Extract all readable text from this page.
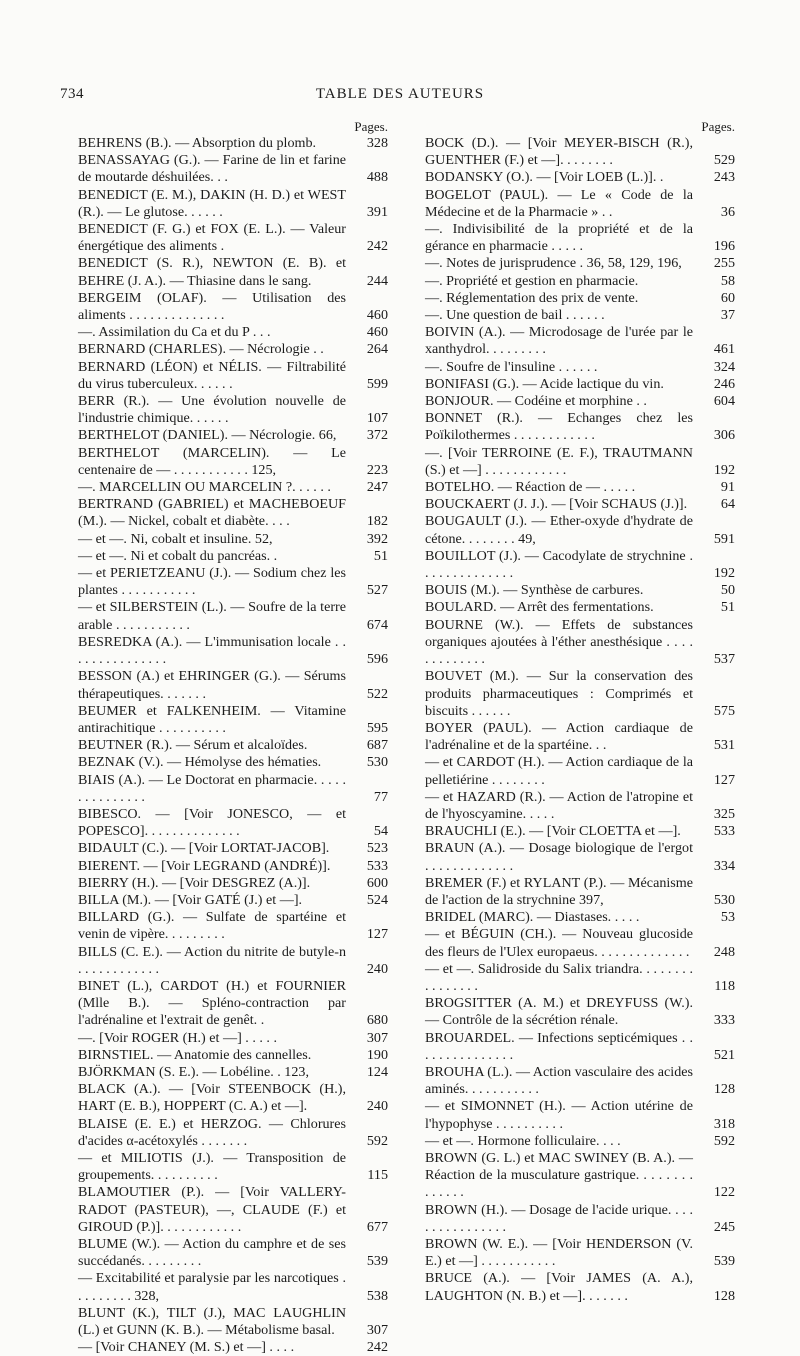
734	TABLE DES AUTEURS
Pages.
BEHRENS (B.). — Absorption du plomb.	328
BENASSAYAG (G.). — Farine de lin et farine de moutarde déshuilées. . .	488
BENEDICT (E. M.), DAKIN (H. D.) et WEST (R.). — Le glutose. . . . . .	391
BENEDICT (F. G.) et FOX (E. L.). — Valeur énergétique des aliments .	242
BENEDICT (S. R.), NEWTON (E. B). et BEHRE (J. A.). — Thiasine dans le sang.	244
BERGEIM (OLAF). — Utilisation des aliments . . . . . . . . . . . . . .	460
—. Assimilation du Ca et du P . . .	460
BERNARD (CHARLES). — Nécrologie . .	264
BERNARD (LÉON) et NÉLIS. — Filtrabilité du virus tuberculeux. . . . . .	599
BERR (R.). — Une évolution nouvelle de l'industrie chimique. . . . . .	107
BERTHELOT (DANIEL). — Nécrologie. 66,	372
BERTHELOT (MARCELIN). — Le centenaire de — . . . . . . . . . . . 125,	223
—. MARCELLIN OU MARCELIN ?. . . . . .	247
BERTRAND (GABRIEL) et MACHEBOEUF (M.). — Nickel, cobalt et diabète. . . .	182
— et —. Ni, cobalt et insuline. 52,	392
— et —. Ni et cobalt du pancréas. .	51
— et PERIETZEANU (J.). — Sodium chez les plantes . . . . . . . . . . .	527
— et SILBERSTEIN (L.). — Soufre de la terre arable . . . . . . . . . . .	674
BESREDKA (A.). — L'immunisation locale . . . . . . . . . . . . . . .	596
BESSON (A.) et EHRINGER (G.). — Sérums thérapeutiques. . . . . . .	522
BEUMER et FALKENHEIM. — Vitamine antirachitique . . . . . . . . . .	595
BEUTNER (R.). — Sérum et alcaloïdes.	687
BEZNAK (V.). — Hémolyse des hématies.	530
BIAIS (A.). — Le Doctorat en pharmacie. . . . . . . . . . . . . . .	77
BIBESCO. — [Voir JONESCO, — et POPESCO]. . . . . . . . . . . . . .	54
BIDAULT (C.). — [Voir LORTAT-JACOB].	523
BIERENT. — [Voir LEGRAND (ANDRÉ)].	533
BIERRY (H.). — [Voir DESGREZ (A.)].	600
BILLA (M.). — [Voir GATÉ (J.) et —].	524
BILLARD (G.). — Sulfate de spartéine et venin de vipère. . . . . . . . .	127
BILLS (C. E.). — Action du nitrite de butyle-n . . . . . . . . . . . .	240
BINET (L.), CARDOT (H.) et FOURNIER (Mlle B.). — Spléno-contraction par l'adrénaline et l'extrait de genêt. .	680
—. [Voir ROGER (H.) et —] . . . . .	307
BIRNSTIEL. — Anatomie des cannelles.	190
BJÖRKMAN (S. E.). — Lobéline. . 123,	124
BLACK (A.). — [Voir STEENBOCK (H.), HART (E. B.), HOPPERT (C. A.) et —].	240
BLAISE (E. E.) et HERZOG. — Chlorures d'acides α-acétoxylés . . . . . . .	592
— et MILIOTIS (J.). — Transposition de groupements. . . . . . . . . .	115
BLAMOUTIER (P.). — [Voir VALLERY-RADOT (PASTEUR), —, CLAUDE (F.) et GIROUD (P.)]. . . . . . . . . . . .	677
BLUME (W.). — Action du camphre et de ses succédanés. . . . . . . . .	539
— Excitabilité et paralysie par les narcotiques . . . . . . . . . 328,	538
BLUNT (K.), TILT (J.), MAC LAUGHLIN (L.) et GUNN (K. B.). — Métabolisme basal.	307
— [Voir CHANEY (M. S.) et —] . . . .	242
Pages.
BOCK (D.). — [Voir MEYER-BISCH (R.), GUENTHER (F.) et —]. . . . . . . .	529
BODANSKY (O.). — [Voir LOEB (L.)]. .	243
BOGELOT (PAUL). — Le « Code de la Médecine et de la Pharmacie » . .	36
—. Indivisibilité de la propriété et de la gérance en pharmacie . . . . .	196
—. Notes de jurisprudence . 36, 58, 129, 196,	255
—. Propriété et gestion en pharmacie.	58
—. Réglementation des prix de vente.	60
—. Une question de bail . . . . . .	37
BOIVIN (A.). — Microdosage de l'urée par le xanthydrol. . . . . . . . .	461
—. Soufre de l'insuline . . . . . .	324
BONIFASI (G.). — Acide lactique du vin.	246
BONJOUR. — Codéine et morphine . .	604
BONNET (R.). — Echanges chez les Poïkilothermes . . . . . . . . . . . .	306
—. [Voir TERROINE (E. F.), TRAUTMANN (S.) et —] . . . . . . . . . . . .	192
BOTELHO. — Réaction de — . . . . .	91
BOUCKAERT (J. J.). — [Voir SCHAUS (J.)].	64
BOUGAULT (J.). — Ether-oxyde d'hydrate de cétone. . . . . . . . 49,	591
BOUILLOT (J.). — Cacodylate de strychnine . . . . . . . . . . . . . .	192
BOUIS (M.). — Synthèse de carbures.	50
BOULARD. — Arrêt des fermentations.	51
BOURNE (W.). — Effets de substances organiques ajoutées à l'éther anesthésique . . . . . . . . . . . . .	537
BOUVET (M.). — Sur la conservation des produits pharmaceutiques : Comprimés et biscuits . . . . . .	575
BOYER (PAUL). — Action cardiaque de l'adrénaline et de la spartéine. . .	531
— et CARDOT (H.). — Action cardiaque de la pelletiérine . . . . . . . .	127
— et HAZARD (R.). — Action de l'atropine et de l'hyoscyamine. . . . .	325
BRAUCHLI (E.). — [Voir CLOETTA et —].	533
BRAUN (A.). — Dosage biologique de l'ergot . . . . . . . . . . . . .	334
BREMER (F.) et RYLANT (P.). — Mécanisme de l'action de la strychnine 397,	530
BRIDEL (MARC). — Diastases. . . . .	53
— et BÉGUIN (CH.). — Nouveau glucoside des fleurs de l'Ulex europaeus. . . . . . . . . . . . . . 248
— et —. Salidroside du Salix triandra. . . . . . . . . . . . . . . .	118
BROGSITTER (A. M.) et DREYFUSS (W.). — Contrôle de la sécrétion rénale.	333
BROUARDEL. — Infections septicémiques . . . . . . . . . . . . . . .	521
BROUHA (L.). — Action vasculaire des acides aminés. . . . . . . . . . .	128
— et SIMONNET (H.). — Action utérine de l'hypophyse . . . . . . . . . .	318
— et —. Hormone folliculaire. . . .	592
BROWN (G. L.) et MAC SWINEY (B. A.). — Réaction de la musculature gastrique. . . . . . . . . . . . . .	122
BROWN (H.). — Dosage de l'acide urique. . . . . . . . . . . . . . . .	245
BROWN (W. E.). — [Voir HENDERSON (V. E.) et —] . . . . . . . . . . .	539
BRUCE (A.). — [Voir JAMES (A. A.), LAUGHTON (N. B.) et —]. . . . . . .	128
